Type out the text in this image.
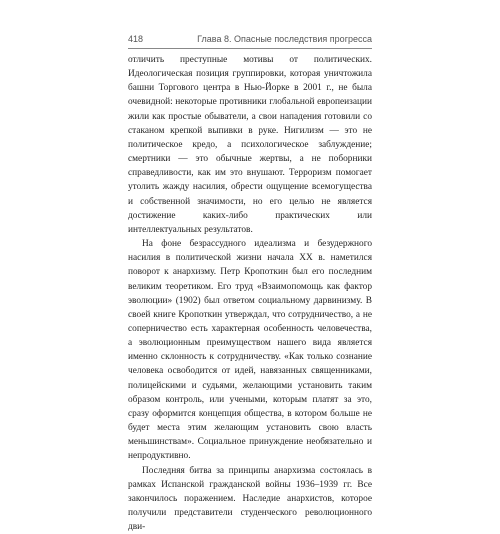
418	Глава 8. Опасные последствия прогресса

отличить преступные мотивы от политических. Идеологическая позиция группировки, которая уничтожила башни Торгового центра в Нью-Йорке в 2001 г., не была очевидной: некоторые противники глобальной европеизации жили как простые обыватели, а свои нападения готовили со стаканом крепкой выпивки в руке. Нигилизм — это не политическое кредо, а психологическое заблуждение; смертники — это обычные жертвы, а не поборники справедливости, как им это внушают. Терроризм помогает утолить жажду насилия, обрести ощущение всемогущества и собственной значимости, но его целью не является достижение каких-либо практических или интеллектуальных результатов.

На фоне безрассудного идеализма и безудержного насилия в политической жизни начала XX в. наметился поворот к анархизму. Петр Кропоткин был его последним великим теоретиком. Его труд «Взаимопомощь как фактор эволюции» (1902) был ответом социальному дарвинизму. В своей книге Кропоткин утверждал, что сотрудничество, а не соперничество есть характерная особенность человечества, а эволюционным преимуществом нашего вида является именно склонность к сотрудничеству. «Как только сознание человека освободится от идей, навязанных священниками, полицейскими и судьями, желающими установить таким образом контроль, или учеными, которым платят за это, сразу оформится концепция общества, в котором больше не будет места этим желающим установить свою власть меньшинствам». Социальное принуждение необязательно и непродуктивно.

Последняя битва за принципы анархизма состоялась в рамках Испанской гражданской войны 1936–1939 гг. Все закончилось поражением. Наследие анархистов, которое получили представители студенческого революционного дви-
